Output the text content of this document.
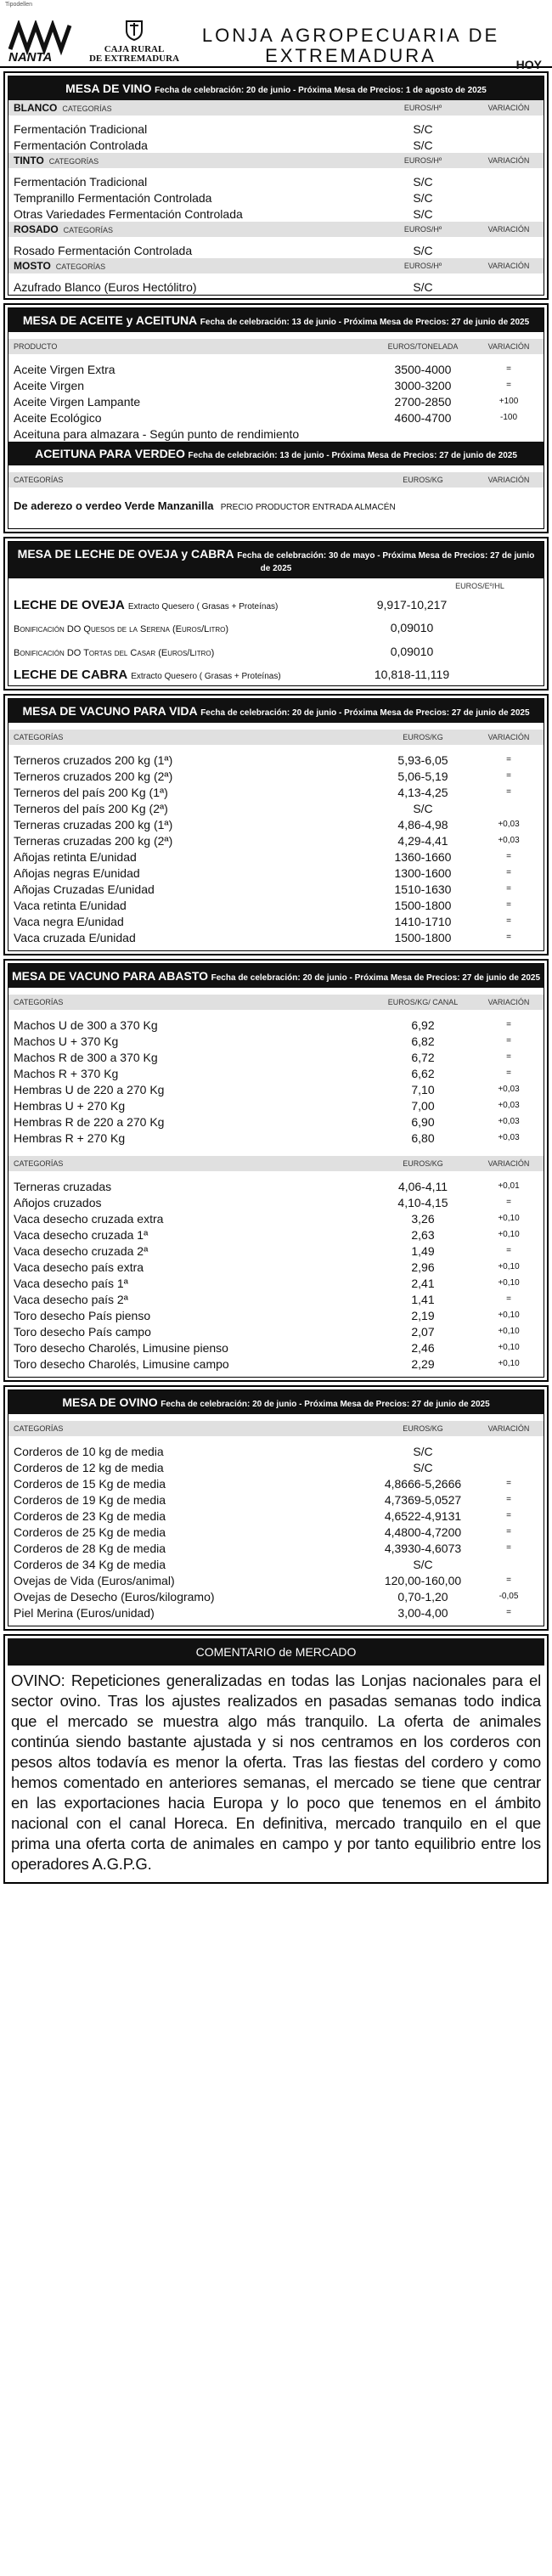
Tipodellen
NANTA
CAJA RURAL
DE EXTREMADURA
LONJA AGROPECUARIA DE EXTREMADURA	HOY
MESA DE VINO Fecha de celebración: 20 de junio - Próxima Mesa de Precios: 1 de agosto de 2025
BLANCO CATEGORÍAS	EUROS/Hº	VARIACIÓN
Fermentación Tradicional	S/C
Fermentación Controlada	S/C
TINTO CATEGORÍAS	EUROS/Hº	VARIACIÓN
Fermentación Tradicional	S/C
Tempranillo Fermentación Controlada	S/C
Otras Variedades Fermentación Controlada	S/C
ROSADO CATEGORÍAS	EUROS/Hº	VARIACIÓN
Rosado Fermentación Controlada	S/C
MOSTO CATEGORÍAS	EUROS/Hº	VARIACIÓN
Azufrado Blanco (Euros Hectólitro)	S/C
MESA DE ACEITE y ACEITUNA Fecha de celebración: 13 de junio - Próxima Mesa de Precios: 27 de junio de 2025
PRODUCTO	EUROS/TONELADA	VARIACIÓN
Aceite Virgen Extra	3500-4000	=
Aceite Virgen	3000-3200	=
Aceite Virgen Lampante	2700-2850	+100
Aceite Ecológico	4600-4700	-100
Aceituna para almazara - Según punto de rendimiento
ACEITUNA PARA VERDEO Fecha de celebración: 13 de junio - Próxima Mesa de Precios: 27 de junio de 2025
CATEGORÍAS	EUROS/KG	VARIACIÓN
De aderezo o verdeo Verde Manzanilla PRECIO PRODUCTOR ENTRADA ALMACÉN
MESA DE LECHE DE OVEJA y CABRA Fecha de celebración: 30 de mayo - Próxima Mesa de Precios: 27 de junio de 2025
EUROS/Eº/HL
LECHE DE OVEJA Extracto Quesero ( Grasas + Proteínas)	9,917-10,217
Bonificación DO Quesos de la Serena (Euros/Litro)	0,09010
Bonificación DO Tortas del Casar (Euros/Litro)	0,09010
LECHE DE CABRA Extracto Quesero ( Grasas + Proteínas)	10,818-11,119
MESA DE VACUNO PARA VIDA Fecha de celebración: 20 de junio - Próxima Mesa de Precios: 27 de junio de 2025
CATEGORÍAS	EUROS/KG	VARIACIÓN
Terneros cruzados 200 kg (1ª)	5,93-6,05	=
Terneros cruzados 200 kg (2ª)	5,06-5,19	=
Terneros del país 200 Kg (1ª)	4,13-4,25	=
Terneros del país 200 Kg (2ª)	S/C
Terneras cruzadas 200 kg (1ª)	4,86-4,98	+0,03
Terneras cruzadas 200 kg (2ª)	4,29-4,41	+0,03
Añojas retinta E/unidad	1360-1660	=
Añojas negras E/unidad	1300-1600	=
Añojas Cruzadas E/unidad	1510-1630	=
Vaca retinta E/unidad	1500-1800	=
Vaca negra E/unidad	1410-1710	=
Vaca cruzada E/unidad	1500-1800	=
MESA DE VACUNO PARA ABASTO Fecha de celebración: 20 de junio - Próxima Mesa de Precios: 27 de junio de 2025
CATEGORÍAS	EUROS/KG/ CANAL	VARIACIÓN
Machos U de 300 a 370 Kg	6,92	=
Machos U + 370 Kg	6,82	=
Machos R de 300 a 370 Kg	6,72	=
Machos R + 370 Kg	6,62	=
Hembras U de 220 a 270 Kg	7,10	+0,03
Hembras U + 270 Kg	7,00	+0,03
Hembras R de 220 a 270 Kg	6,90	+0,03
Hembras R + 270 Kg	6,80	+0,03
CATEGORÍAS	EUROS/KG	VARIACIÓN
Terneras cruzadas	4,06-4,11	+0,01
Añojos cruzados	4,10-4,15	=
Vaca desecho cruzada extra	3,26	+0,10
Vaca desecho cruzada 1ª	2,63	+0,10
Vaca desecho cruzada 2ª	1,49	=
Vaca desecho país extra	2,96	+0,10
Vaca desecho país 1ª	2,41	+0,10
Vaca desecho país 2ª	1,41	=
Toro desecho País pienso	2,19	+0,10
Toro desecho País campo	2,07	+0,10
Toro desecho Charolés, Limusine pienso	2,46	+0,10
Toro desecho Charolés, Limusine campo	2,29	+0,10
MESA DE OVINO Fecha de celebración: 20 de junio - Próxima Mesa de Precios: 27 de junio de 2025
CATEGORÍAS	EUROS/KG	VARIACIÓN
Corderos de 10 kg de media	S/C
Corderos de 12 kg de media	S/C
Corderos de 15 Kg de media	4,8666-5,2666	=
Corderos de 19 Kg de media	4,7369-5,0527	=
Corderos de 23 Kg de media	4,6522-4,9131	=
Corderos de 25 Kg de media	4,4800-4,7200	=
Corderos de 28 Kg de media	4,3930-4,6073	=
Corderos de 34 Kg de media	S/C
Ovejas de Vida (Euros/animal)	120,00-160,00	=
Ovejas de Desecho (Euros/kilogramo)	0,70-1,20	-0,05
Piel Merina (Euros/unidad)	3,00-4,00	=
COMENTARIO de MERCADO
OVINO: Repeticiones generalizadas en todas las Lonjas nacionales para el sector ovino. Tras los ajustes realizados en pasadas semanas todo indica que el mercado se muestra algo más tranquilo. La oferta de animales continúa siendo bastante ajustada y si nos centramos en los corderos con pesos altos todavía es menor la oferta. Tras las fiestas del cordero y como hemos comentado en anteriores semanas, el mercado se tiene que centrar en las exportaciones hacia Europa y lo poco que tenemos en el ámbito nacional con el canal Horeca. En definitiva, mercado tranquilo en el que prima una oferta corta de animales en campo y por tanto equilibrio entre los operadores A.G.P.G.
